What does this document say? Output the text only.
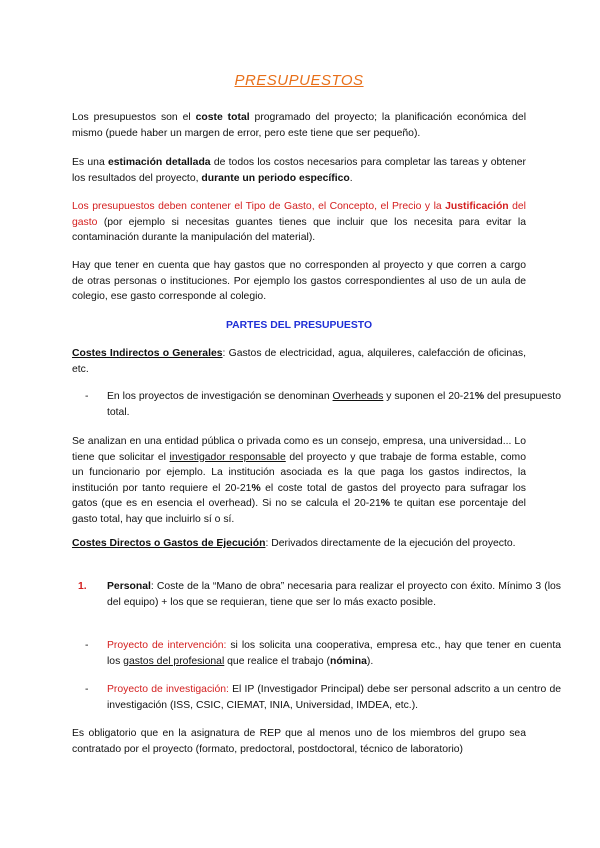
PRESUPUESTOS

Los presupuestos son el coste total programado del proyecto; la planificación económica del mismo (puede haber un margen de error, pero este tiene que ser pequeño).

Es una estimación detallada de todos los costos necesarios para completar las tareas y obtener los resultados del proyecto, durante un periodo específico.

Los presupuestos deben contener el Tipo de Gasto, el Concepto, el Precio y la Justificación del gasto (por ejemplo si necesitas guantes tienes que incluir que los necesita para evitar la contaminación durante la manipulación del material).

Hay que tener en cuenta que hay gastos que no corresponden al proyecto y que corren a cargo de otras personas o instituciones. Por ejemplo los gastos correspondientes al uso de un aula de colegio, ese gasto corresponde al colegio.

PARTES DEL PRESUPUESTO

Costes Indirectos o Generales: Gastos de electricidad, agua, alquileres, calefacción de oficinas, etc.

- En los proyectos de investigación se denominan Overheads y suponen el 20-21% del presupuesto total.

Se analizan en una entidad pública o privada como es un consejo, empresa, una universidad... Lo tiene que solicitar el investigador responsable del proyecto y que trabaje de forma estable, como un funcionario por ejemplo. La institución asociada es la que paga los gastos indirectos, la institución por tanto requiere el 20-21% el coste total de gastos del proyecto para sufragar los gatos (que es en esencia el overhead). Si no se calcula el 20-21% te quitan ese porcentaje del gasto total, hay que incluirlo sí o sí.

Costes Directos o Gastos de Ejecución: Derivados directamente de la ejecución del proyecto.

1. Personal: Coste de la “Mano de obra” necesaria para realizar el proyecto con éxito. Mínimo 3 (los del equipo) + los que se requieran, tiene que ser lo más exacto posible.

- Proyecto de intervención: si los solicita una cooperativa, empresa etc., hay que tener en cuenta los gastos del profesional que realice el trabajo (nómina).

- Proyecto de investigación: El IP (Investigador Principal) debe ser personal adscrito a un centro de investigación (ISS, CSIC, CIEMAT, INIA, Universidad, IMDEA, etc.).

Es obligatorio que en la asignatura de REP que al menos uno de los miembros del grupo sea contratado por el proyecto (formato, predoctoral, postdoctoral, técnico de laboratorio)
